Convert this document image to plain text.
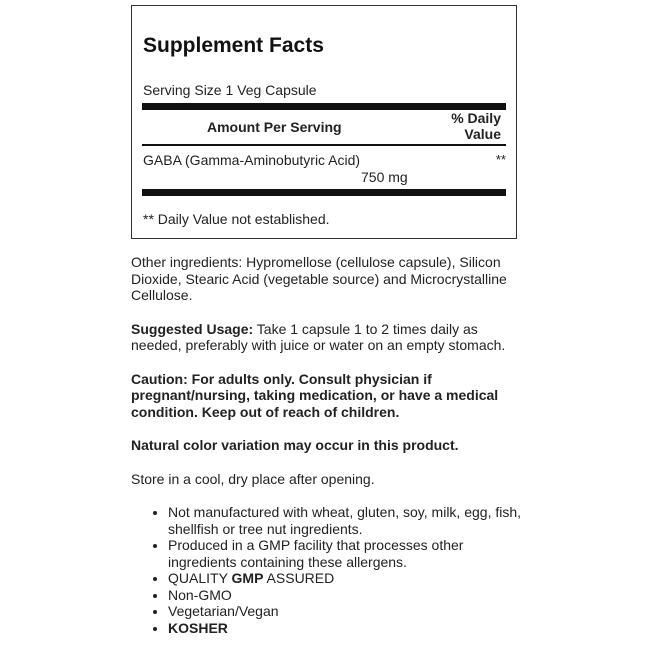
Supplement Facts
Serving Size 1 Veg Capsule
Amount Per Serving
% Daily
Value
GABA (Gamma-Aminobutyric Acid)
750 mg
**
** Daily Value not established.

Other ingredients: Hypromellose (cellulose capsule), Silicon Dioxide, Stearic Acid (vegetable source) and Microcrystalline Cellulose.

Suggested Usage: Take 1 capsule 1 to 2 times daily as needed, preferably with juice or water on an empty stomach.

Caution: For adults only. Consult physician if pregnant/nursing, taking medication, or have a medical condition. Keep out of reach of children.

Natural color variation may occur in this product.

Store in a cool, dry place after opening.

• Not manufactured with wheat, gluten, soy, milk, egg, fish, shellfish or tree nut ingredients.
• Produced in a GMP facility that processes other ingredients containing these allergens.
• QUALITY GMP ASSURED
• Non-GMO
• Vegetarian/Vegan
• KOSHER
